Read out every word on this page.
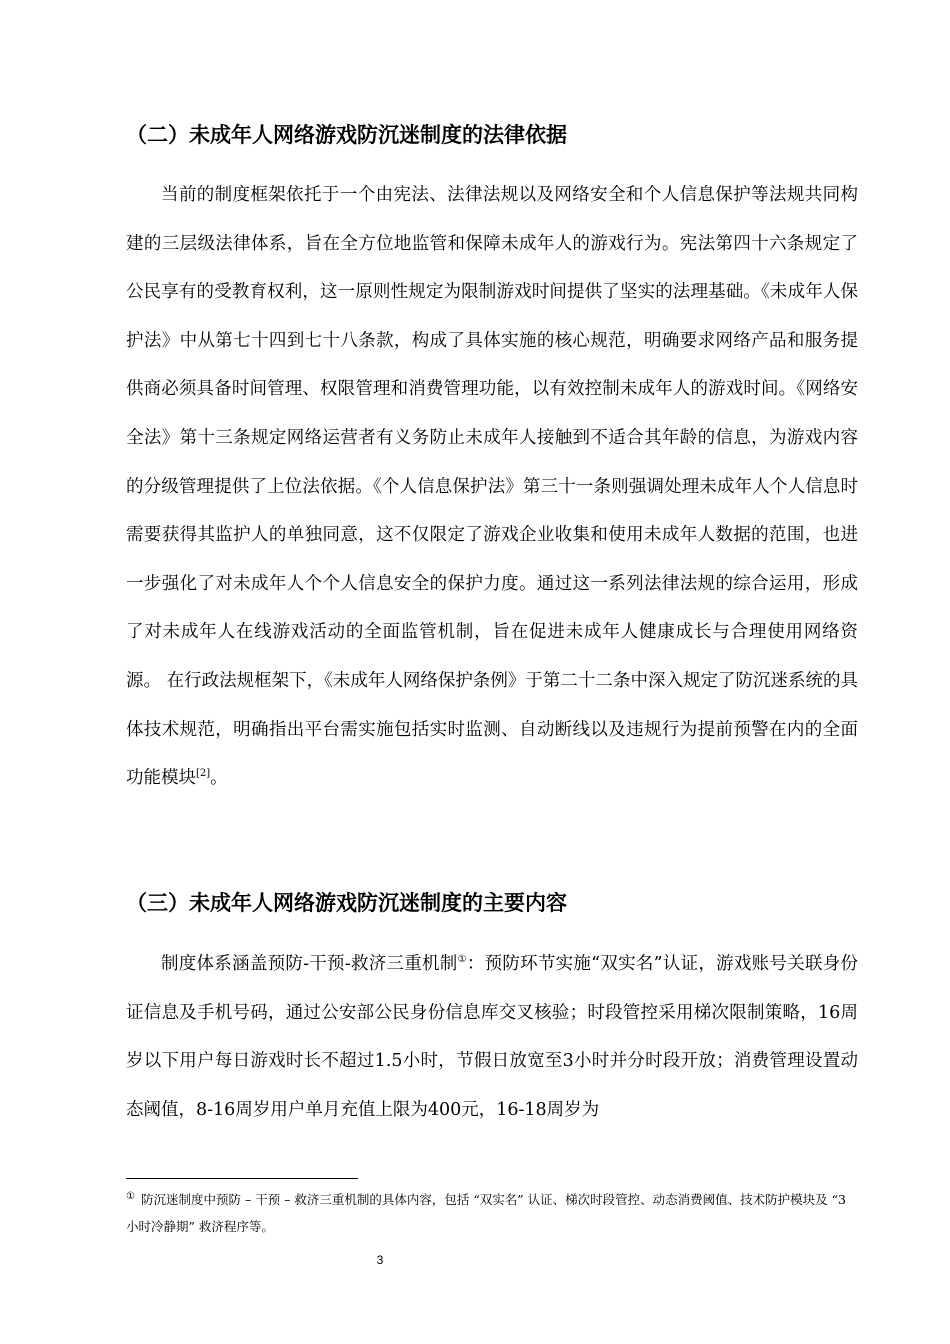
（二）未成年人网络游戏防沉迷制度的法律依据

当前的制度框架依托于一个由宪法、法律法规以及网络安全和个人信息保护等法规共同构建的三层级法律体系，旨在全方位地监管和保障未成年人的游戏行为。宪法第四十六条规定了公民享有的受教育权利，这一原则性规定为限制游戏时间提供了坚实的法理基础。《未成年人保护法》中从第七十四到七十八条款，构成了具体实施的核心规范，明确要求网络产品和服务提供商必须具备时间管理、权限管理和消费管理功能，以有效控制未成年人的游戏时间。《网络安全法》第十三条规定网络运营者有义务防止未成年人接触到不适合其年龄的信息，为游戏内容的分级管理提供了上位法依据。《个人信息保护法》第三十一条则强调处理未成年人个人信息时需要获得其监护人的单独同意，这不仅限定了游戏企业收集和使用未成年人数据的范围，也进一步强化了对未成年人个个人信息安全的保护力度。通过这一系列法律法规的综合运用，形成了对未成年人在线游戏活动的全面监管机制，旨在促进未成年人健康成长与合理使用网络资源。 在行政法规框架下，《未成年人网络保护条例》于第二十二条中深入规定了防沉迷系统的具体技术规范，明确指出平台需实施包括实时监测、自动断线以及违规行为提前预警在内的全面功能模块[2]。

（三）未成年人网络游戏防沉迷制度的主要内容

制度体系涵盖预防-干预-救济三重机制①：预防环节实施“双实名”认证，游戏账号关联身份证信息及手机号码，通过公安部公民身份信息库交叉核验；时段管控采用梯次限制策略，16周岁以下用户每日游戏时长不超过1.5小时，节假日放宽至3小时并分时段开放；消费管理设置动态阈值，8-16周岁用户单月充值上限为400元，16-18周岁为

① 防沉迷制度中预防 – 干预 – 救济三重机制的具体内容，包括 “双实名” 认证、梯次时段管控、动态消费阈值、技术防护模块及 “3 小时冷静期” 救济程序等。
3
